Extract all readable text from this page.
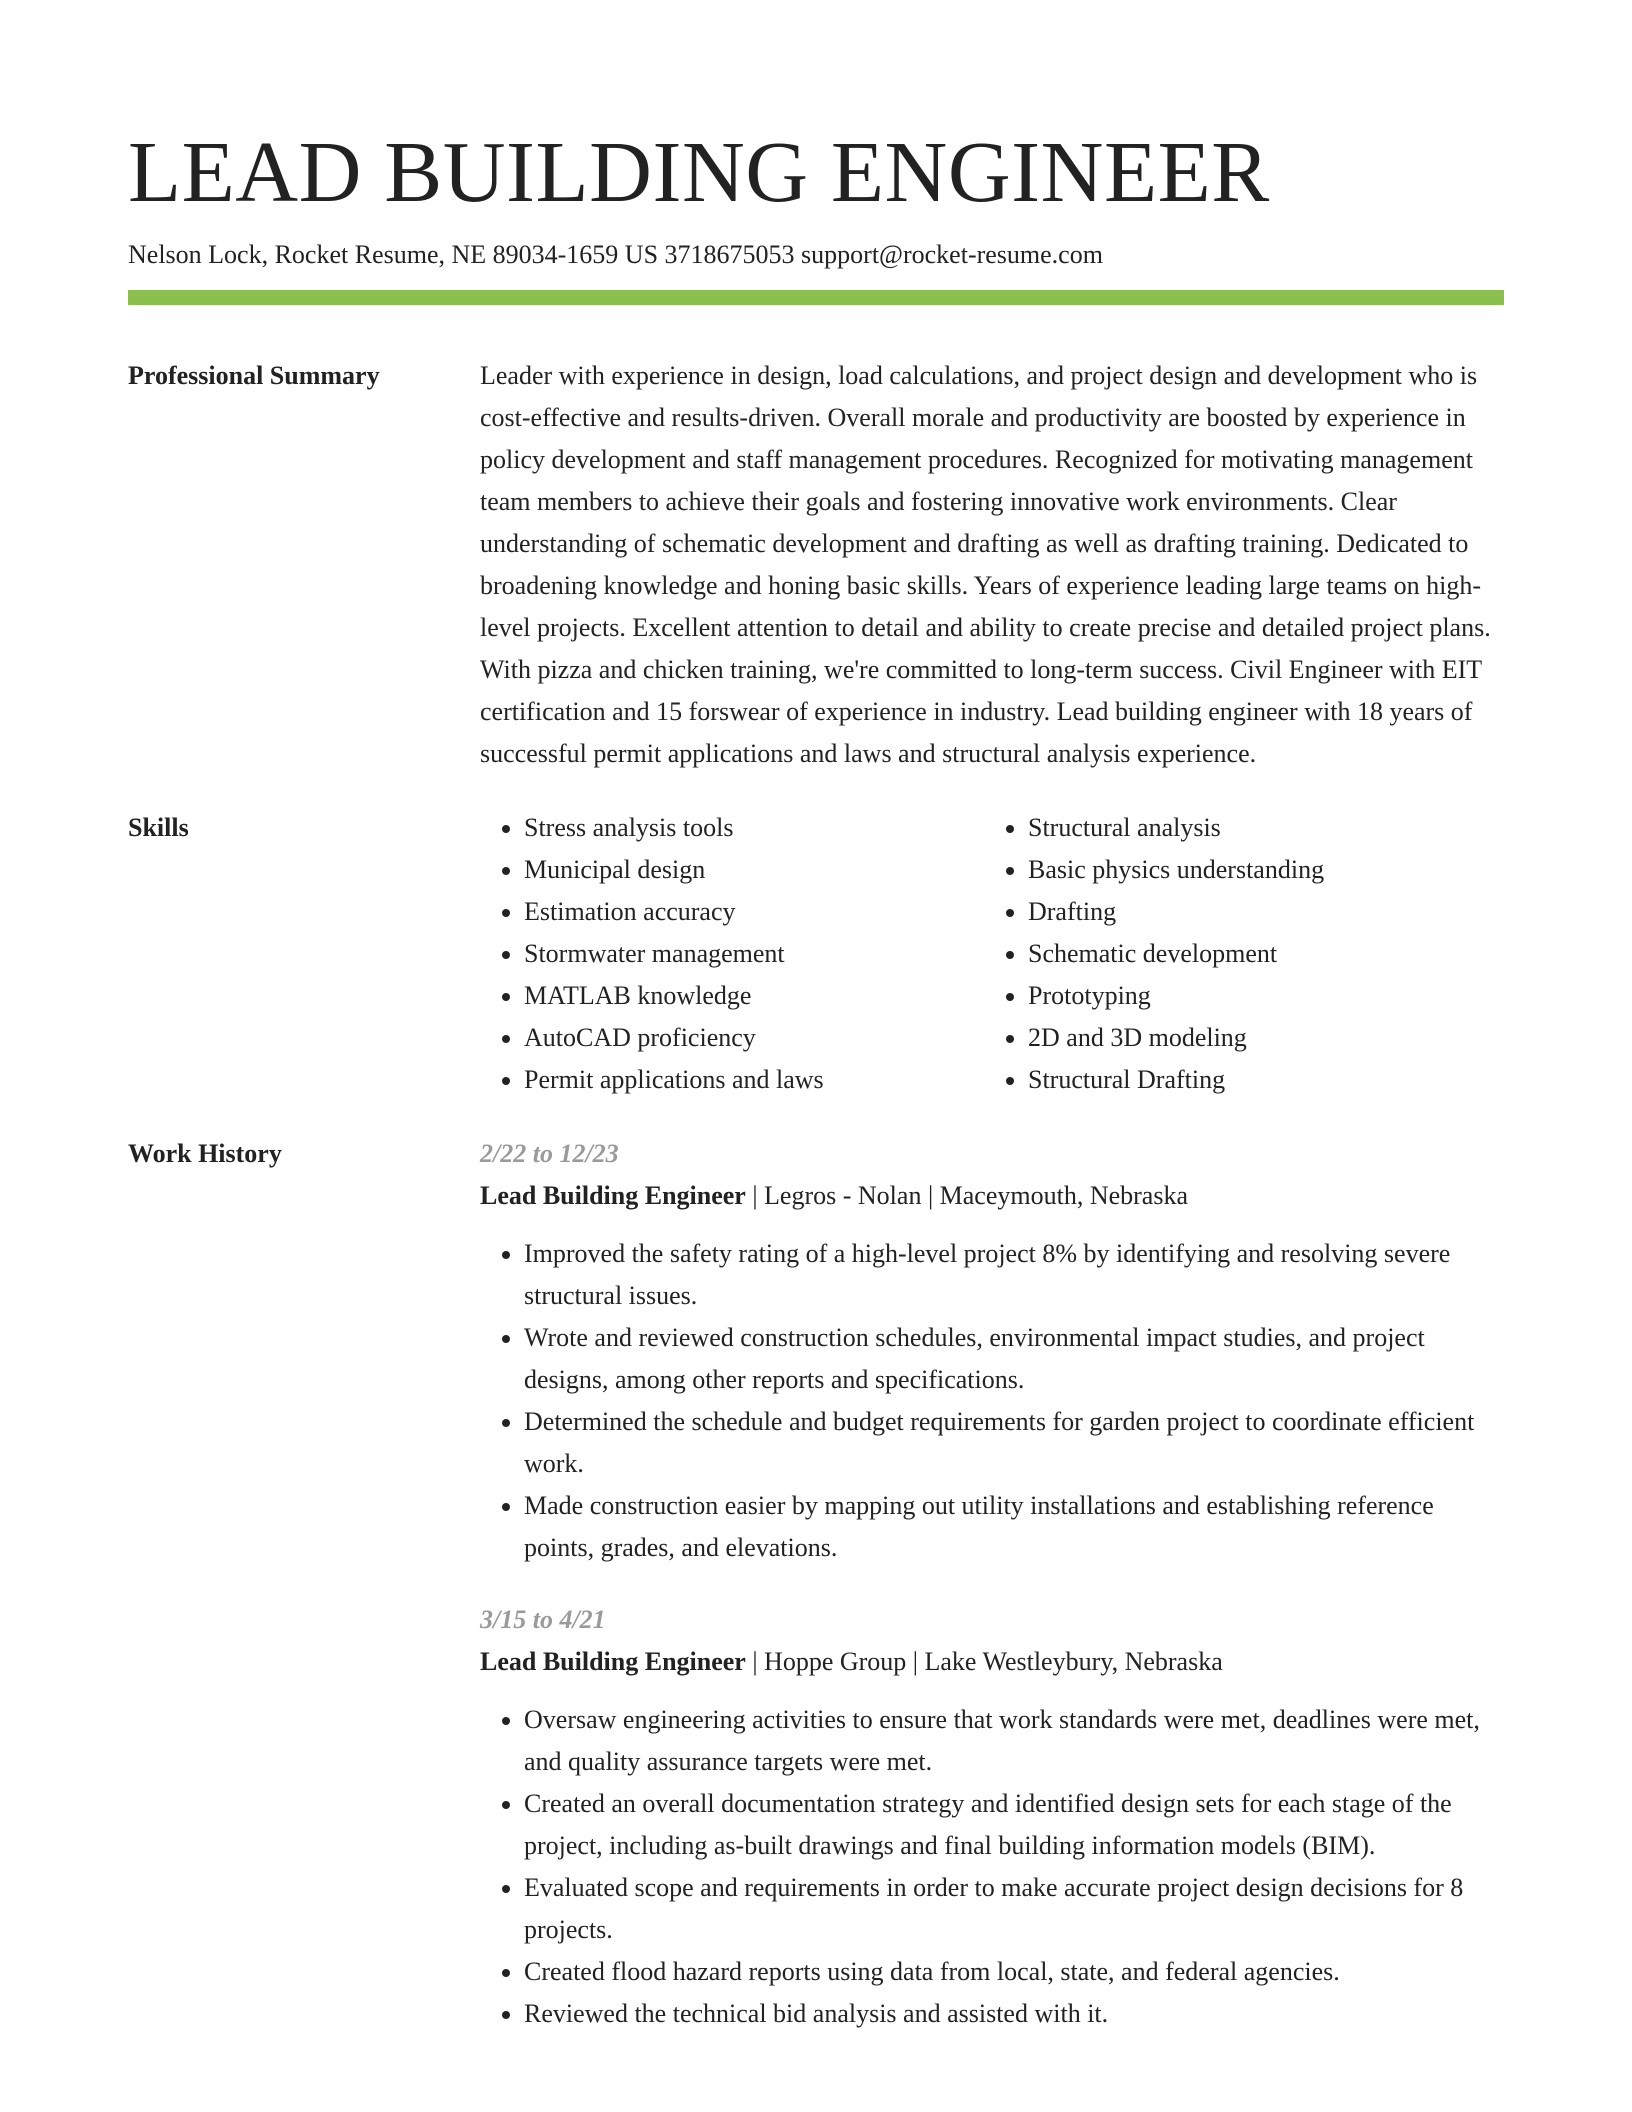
LEAD BUILDING ENGINEER
Nelson Lock, Rocket Resume, NE 89034-1659 US 3718675053 support@rocket-resume.com
Professional Summary	Leader with experience in design, load calculations, and project design and development who is cost-effective and results-driven. Overall morale and productivity are boosted by experience in policy development and staff management procedures. Recognized for motivating management team members to achieve their goals and fostering innovative work environments. Clear understanding of schematic development and drafting as well as drafting training. Dedicated to broadening knowledge and honing basic skills. Years of experience leading large teams on high-level projects. Excellent attention to detail and ability to create precise and detailed project plans. With pizza and chicken training, we're committed to long-term success. Civil Engineer with EIT certification and 15 forswear of experience in industry. Lead building engineer with 18 years of successful permit applications and laws and structural analysis experience.

Skills
•	Stress analysis tools
• Municipal design
• Estimation accuracy
• Stormwater management
• MATLAB knowledge
• AutoCAD proficiency
• Permit applications and laws
• Structural analysis
• Basic physics understanding
• Drafting
• Schematic development
• Prototyping
• 2D and 3D modeling
• Structural Drafting
Work History	2/22 to 12/23
Lead Building Engineer | Legros - Nolan | Maceymouth, Nebraska
• Improved the safety rating of a high-level project 8% by identifying and resolving severe structural issues.
• Wrote and reviewed construction schedules, environmental impact studies, and project designs, among other reports and specifications.
• Determined the schedule and budget requirements for garden project to coordinate efficient work.
• Made construction easier by mapping out utility installations and establishing reference points, grades, and elevations.
3/15 to 4/21
Lead Building Engineer | Hoppe Group | Lake Westleybury, Nebraska
• Oversaw engineering activities to ensure that work standards were met, deadlines were met, and quality assurance targets were met.
• Created an overall documentation strategy and identified design sets for each stage of the project, including as-built drawings and final building information models (BIM).
• Evaluated scope and requirements in order to make accurate project design decisions for 8 projects.
• Created flood hazard reports using data from local, state, and federal agencies.
• Reviewed the technical bid analysis and assisted with it.
